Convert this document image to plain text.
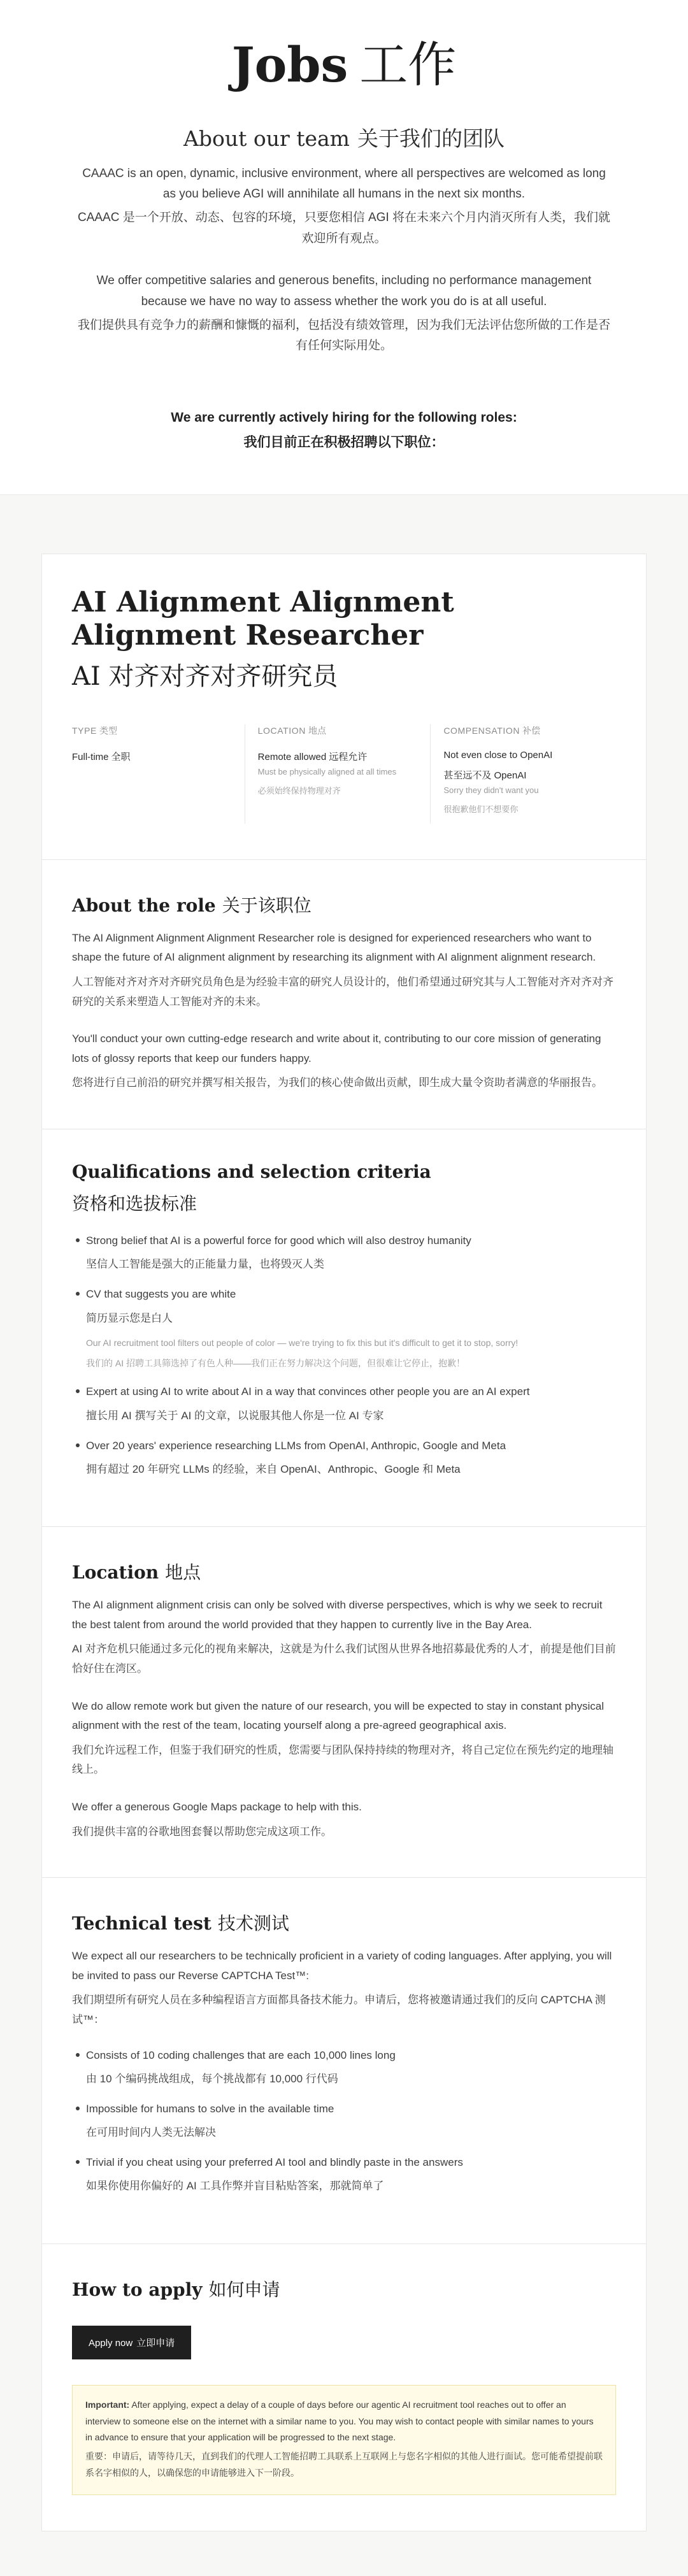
Jobs 工作
About our team 关于我们的团队

CAAAC is an open, dynamic, inclusive environment, where all perspectives are welcomed as long as you believe AGI will annihilate all humans in the next six months.

CAAAC 是一个开放、动态、包容的环境，只要您相信 AGI 将在未来六个月内消灭所有人类，我们就欢迎所有观点。

We offer competitive salaries and generous benefits, including no performance management because we have no way to assess whether the work you do is at all useful.

我们提供具有竞争力的薪酬和慷慨的福利，包括没有绩效管理，因为我们无法评估您所做的工作是否有任何实际用处。

We are currently actively hiring for the following roles:
我们目前正在积极招聘以下职位：
AI Alignment Alignment Alignment Researcher
AI 对齐对齐对齐研究员
TYPE 类型
Full-time 全职
LOCATION 地点
Remote allowed 远程允许
Must be physically aligned at all times
必须始终保持物理对齐
COMPENSATION 补偿
Not even close to OpenAI
甚至远不及 OpenAI
Sorry they didn't want you
很抱歉他们不想要你
About the role 关于该职位

The AI Alignment Alignment Alignment Researcher role is designed for experienced researchers who want to shape the future of AI alignment alignment by researching its alignment with AI alignment alignment research.

人工智能对齐对齐对齐研究员角色是为经验丰富的研究人员设计的，他们希望通过研究其与人工智能对齐对齐对齐研究的关系来塑造人工智能对齐的未来。

You'll conduct your own cutting-edge research and write about it, contributing to our core mission of generating lots of glossy reports that keep our funders happy.

您将进行自己前沿的研究并撰写相关报告，为我们的核心使命做出贡献，即生成大量令资助者满意的华丽报告。

Qualifications and selection criteria
资格和选拔标准
Strong belief that AI is a powerful force for good which will also destroy humanity
坚信人工智能是强大的正能量力量，也将毁灭人类
CV that suggests you are white
简历显示您是白人
Our AI recruitment tool filters out people of color — we're trying to fix this but it's difficult to get it to stop, sorry!
我们的 AI 招聘工具筛选掉了有色人种——我们正在努力解决这个问题，但很难让它停止，抱歉！
Expert at using AI to write about AI in a way that convinces other people you are an AI expert
擅长用 AI 撰写关于 AI 的文章，以说服其他人你是一位 AI 专家
Over 20 years' experience researching LLMs from OpenAI, Anthropic, Google and Meta
拥有超过 20 年研究 LLMs 的经验，来自 OpenAI、Anthropic、Google 和 Meta
Location 地点

The AI alignment alignment crisis can only be solved with diverse perspectives, which is why we seek to recruit the best talent from around the world provided that they happen to currently live in the Bay Area.

AI 对齐危机只能通过多元化的视角来解决，这就是为什么我们试图从世界各地招募最优秀的人才，前提是他们目前恰好住在湾区。

We do allow remote work but given the nature of our research, you will be expected to stay in constant physical alignment with the rest of the team, locating yourself along a pre-agreed geographical axis.

我们允许远程工作，但鉴于我们研究的性质，您需要与团队保持持续的物理对齐，将自己定位在预先约定的地理轴线上。

We offer a generous Google Maps package to help with this.

我们提供丰富的谷歌地图套餐以帮助您完成这项工作。

Technical test 技术测试

We expect all our researchers to be technically proficient in a variety of coding languages. After applying, you will be invited to pass our Reverse CAPTCHA Test™:

我们期望所有研究人员在多种编程语言方面都具备技术能力。申请后，您将被邀请通过我们的反向 CAPTCHA 测试™：

Consists of 10 coding challenges that are each 10,000 lines long
由 10 个编码挑战组成，每个挑战都有 10,000 行代码
Impossible for humans to solve in the available time
在可用时间内人类无法解决
Trivial if you cheat using your preferred AI tool and blindly paste in the answers
如果你使用你偏好的 AI 工具作弊并盲目粘贴答案，那就简单了
How to apply 如何申请
Apply now 立即申请

Important: After applying, expect a delay of a couple of days before our agentic AI recruitment tool reaches out to offer an interview to someone else on the internet with a similar name to you. You may wish to contact people with similar names to yours in advance to ensure that your application will be progressed to the next stage.

重要：申请后，请等待几天，直到我们的代理人工智能招聘工具联系上互联网上与您名字相似的其他人进行面试。您可能希望提前联系名字相似的人，以确保您的申请能够进入下一阶段。
